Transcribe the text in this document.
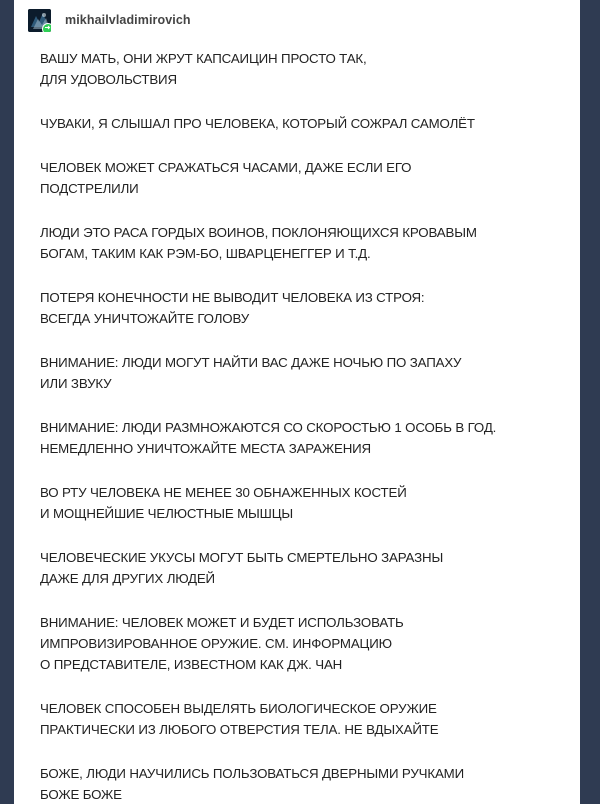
mikhailvladimirovich

ВАШУ МАТЬ, ОНИ ЖРУТ КАПСАИЦИН ПРОСТО ТАК,
ДЛЯ УДОВОЛЬСТВИЯ

ЧУВАКИ, Я СЛЫШАЛ ПРО ЧЕЛОВЕКА, КОТОРЫЙ СОЖРАЛ САМОЛЁТ

ЧЕЛОВЕК МОЖЕТ СРАЖАТЬСЯ ЧАСАМИ, ДАЖЕ ЕСЛИ ЕГО
ПОДСТРЕЛИЛИ

ЛЮДИ ЭТО РАСА ГОРДЫХ ВОИНОВ, ПОКЛОНЯЮЩИХСЯ КРОВАВЫМ
БОГАМ, ТАКИМ КАК РЭМ-БО, ШВАРЦЕНЕГГЕР И Т.Д.

ПОТЕРЯ КОНЕЧНОСТИ НЕ ВЫВОДИТ ЧЕЛОВЕКА ИЗ СТРОЯ:
ВСЕГДА УНИЧТОЖАЙТЕ ГОЛОВУ

ВНИМАНИЕ: ЛЮДИ МОГУТ НАЙТИ ВАС ДАЖЕ НОЧЬЮ ПО ЗАПАХУ
ИЛИ ЗВУКУ

ВНИМАНИЕ: ЛЮДИ РАЗМНОЖАЮТСЯ СО СКОРОСТЬЮ 1 ОСОБЬ В ГОД.
НЕМЕДЛЕННО УНИЧТОЖАЙТЕ МЕСТА ЗАРАЖЕНИЯ

ВО РТУ ЧЕЛОВЕКА НЕ МЕНЕЕ 30 ОБНАЖЕННЫХ КОСТЕЙ
И МОЩНЕЙШИЕ ЧЕЛЮСТНЫЕ МЫШЦЫ

ЧЕЛОВЕЧЕСКИЕ УКУСЫ МОГУТ БЫТЬ СМЕРТЕЛЬНО ЗАРАЗНЫ
ДАЖЕ ДЛЯ ДРУГИХ ЛЮДЕЙ

ВНИМАНИЕ: ЧЕЛОВЕК МОЖЕТ И БУДЕТ ИСПОЛЬЗОВАТЬ
ИМПРОВИЗИРОВАННОЕ ОРУЖИЕ. СМ. ИНФОРМАЦИЮ
О ПРЕДСТАВИТЕЛЕ, ИЗВЕСТНОМ КАК ДЖ. ЧАН

ЧЕЛОВЕК СПОСОБЕН ВЫДЕЛЯТЬ БИОЛОГИЧЕСКОЕ ОРУЖИЕ
ПРАКТИЧЕСКИ ИЗ ЛЮБОГО ОТВЕРСТИЯ ТЕЛА. НЕ ВДЫХАЙТЕ

БОЖЕ, ЛЮДИ НАУЧИЛИСЬ ПОЛЬЗОВАТЬСЯ ДВЕРНЫМИ РУЧКАМИ
БОЖЕ БОЖЕ
